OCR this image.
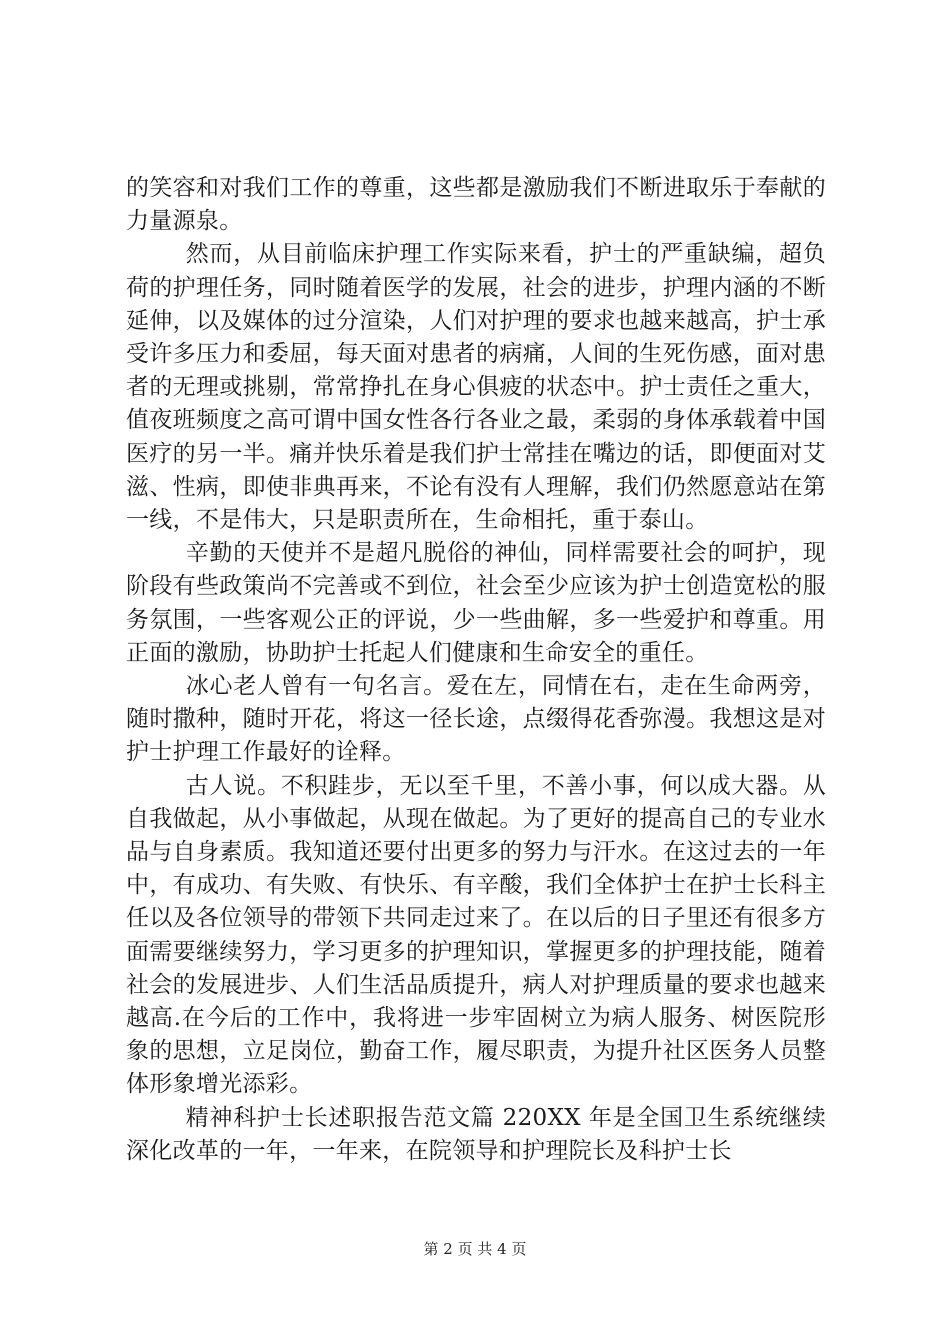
的笑容和对我们工作的尊重，这些都是激励我们不断进取乐于奉献的力量源泉。

然而，从目前临床护理工作实际来看，护士的严重缺编，超负荷的护理任务，同时随着医学的发展，社会的进步，护理内涵的不断延伸，以及媒体的过分渲染，人们对护理的要求也越来越高，护士承受许多压力和委屈，每天面对患者的病痛，人间的生死伤感，面对患者的无理或挑剔，常常挣扎在身心俱疲的状态中。护士责任之重大，值夜班频度之高可谓中国女性各行各业之最，柔弱的身体承载着中国医疗的另一半。痛并快乐着是我们护士常挂在嘴边的话，即便面对艾滋、性病，即使非典再来，不论有没有人理解，我们仍然愿意站在第一线，不是伟大，只是职责所在，生命相托，重于泰山。

辛勤的天使并不是超凡脱俗的神仙，同样需要社会的呵护，现阶段有些政策尚不完善或不到位，社会至少应该为护士创造宽松的服务氛围，一些客观公正的评说，少一些曲解，多一些爱护和尊重。用正面的激励，协助护士托起人们健康和生命安全的重任。

冰心老人曾有一句名言。爱在左，同情在右，走在生命两旁，随时撒种，随时开花，将这一径长途，点缀得花香弥漫。我想这是对护士护理工作最好的诠释。

古人说。不积跬步，无以至千里，不善小事，何以成大器。从自我做起，从小事做起，从现在做起。为了更好的提高自己的专业水品与自身素质。我知道还要付出更多的努力与汗水。在这过去的一年中，有成功、有失败、有快乐、有辛酸，我们全体护士在护士长科主任以及各位领导的带领下共同走过来了。在以后的日子里还有很多方面需要继续努力，学习更多的护理知识，掌握更多的护理技能，随着社会的发展进步、人们生活品质提升，病人对护理质量的要求也越来越高.在今后的工作中，我将进一步牢固树立为病人服务、树医院形象的思想，立足岗位，勤奋工作，履尽职责，为提升社区医务人员整体形象增光添彩。

精神科护士长述职报告范文篇 220XX 年是全国卫生系统继续深化改革的一年，一年来，在院领导和护理院长及科护士长

第 2 页 共 4 页
